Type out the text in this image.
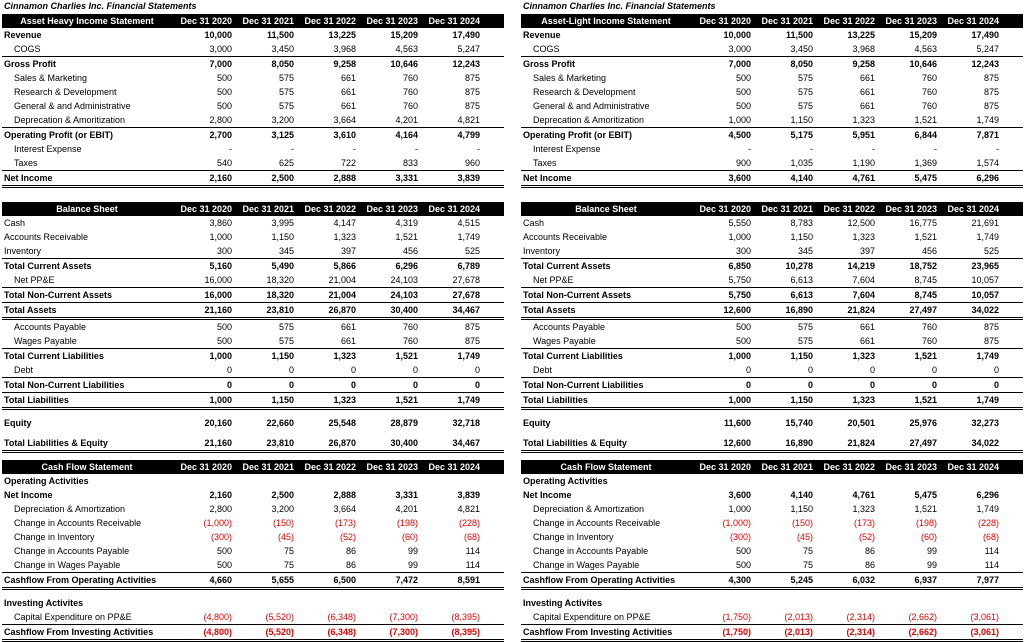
Cinnamon Charlies Inc. Financial Statements
Asset Heavy Income Statement	Dec 31 2020	Dec 31 2021	Dec 31 2022	Dec 31 2023	Dec 31 2024
Revenue	10,000	11,500	13,225	15,209	17,490
COGS	3,000	3,450	3,968	4,563	5,247
Gross Profit	7,000	8,050	9,258	10,646	12,243
Sales & Marketing	500	575	661	760	875
Research & Development	500	575	661	760	875
General & and Administrative	500	575	661	760	875
Deprecation & Amoritization	2,800	3,200	3,664	4,201	4,821
Operating Profit (or EBIT)	2,700	3,125	3,610	4,164	4,799
Interest Expense	-	-	-	-	-
Taxes	540	625	722	833	960
Net Income	2,160	2,500	2,888	3,331	3,839
Balance Sheet	Dec 31 2020	Dec 31 2021	Dec 31 2022	Dec 31 2023	Dec 31 2024
Cash	3,860	3,995	4,147	4,319	4,515
Accounts Receivable	1,000	1,150	1,323	1,521	1,749
Inventory	300	345	397	456	525
Total Current Assets	5,160	5,490	5,866	6,296	6,789
Net PP&E	16,000	18,320	21,004	24,103	27,678
Total Non-Current Assets	16,000	18,320	21,004	24,103	27,678
Total Assets	21,160	23,810	26,870	30,400	34,467
Accounts Payable	500	575	661	760	875
Wages Payable	500	575	661	760	875
Total Current Liabilities	1,000	1,150	1,323	1,521	1,749
Debt	0	0	0	0	0
Total Non-Current Liabilities	0	0	0	0	0
Total Liabilities	1,000	1,150	1,323	1,521	1,749
Equity	20,160	22,660	25,548	28,879	32,718
Total Liabilities & Equity	21,160	23,810	26,870	30,400	34,467
Cash Flow Statement	Dec 31 2020	Dec 31 2021	Dec 31 2022	Dec 31 2023	Dec 31 2024
Operating Activities
Net Income	2,160	2,500	2,888	3,331	3,839
Depreciation & Amortization	2,800	3,200	3,664	4,201	4,821
Change in Accounts Receivable	(1,000)	(150)	(173)	(198)	(228)
Change in Inventory	(300)	(45)	(52)	(60)	(68)
Change in Accounts Payable	500	75	86	99	114
Change in Wages Payable	500	75	86	99	114
Cashflow From Operating Activities	4,660	5,655	6,500	7,472	8,591
Investing Activites
Capital Expenditure on PP&E	(4,800)	(5,520)	(6,348)	(7,300)	(8,395)
Cashflow From Investing Activities	(4,800)	(5,520)	(6,348)	(7,300)	(8,395)
Cinnamon Charlies Inc. Financial Statements
Asset-Light Income Statement	Dec 31 2020	Dec 31 2021	Dec 31 2022	Dec 31 2023	Dec 31 2024
Revenue	10,000	11,500	13,225	15,209	17,490
COGS	3,000	3,450	3,968	4,563	5,247
Gross Profit	7,000	8,050	9,258	10,646	12,243
Sales & Marketing	500	575	661	760	875
Research & Development	500	575	661	760	875
General & and Administrative	500	575	661	760	875
Deprecation & Amoritization	1,000	1,150	1,323	1,521	1,749
Operating Profit (or EBIT)	4,500	5,175	5,951	6,844	7,871
Interest Expense	-	-	-	-	-
Taxes	900	1,035	1,190	1,369	1,574
Net Income	3,600	4,140	4,761	5,475	6,296
Balance Sheet	Dec 31 2020	Dec 31 2021	Dec 31 2022	Dec 31 2023	Dec 31 2024
Cash	5,550	8,783	12,500	16,775	21,691
Accounts Receivable	1,000	1,150	1,323	1,521	1,749
Inventory	300	345	397	456	525
Total Current Assets	6,850	10,278	14,219	18,752	23,965
Net PP&E	5,750	6,613	7,604	8,745	10,057
Total Non-Current Assets	5,750	6,613	7,604	8,745	10,057
Total Assets	12,600	16,890	21,824	27,497	34,022
Accounts Payable	500	575	661	760	875
Wages Payable	500	575	661	760	875
Total Current Liabilities	1,000	1,150	1,323	1,521	1,749
Debt	0	0	0	0	0
Total Non-Current Liabilities	0	0	0	0	0
Total Liabilities	1,000	1,150	1,323	1,521	1,749
Equity	11,600	15,740	20,501	25,976	32,273
Total Liabilities & Equity	12,600	16,890	21,824	27,497	34,022
Cash Flow Statement	Dec 31 2020	Dec 31 2021	Dec 31 2022	Dec 31 2023	Dec 31 2024
Operating Activities
Net Income	3,600	4,140	4,761	5,475	6,296
Depreciation & Amortization	1,000	1,150	1,323	1,521	1,749
Change in Accounts Receivable	(1,000)	(150)	(173)	(198)	(228)
Change in Inventory	(300)	(45)	(52)	(60)	(68)
Change in Accounts Payable	500	75	86	99	114
Change in Wages Payable	500	75	86	99	114
Cashflow From Operating Activities	4,300	5,245	6,032	6,937	7,977
Investing Activites
Capital Expenditure on PP&E	(1,750)	(2,013)	(2,314)	(2,662)	(3,061)
Cashflow From Investing Activities	(1,750)	(2,013)	(2,314)	(2,662)	(3,061)
